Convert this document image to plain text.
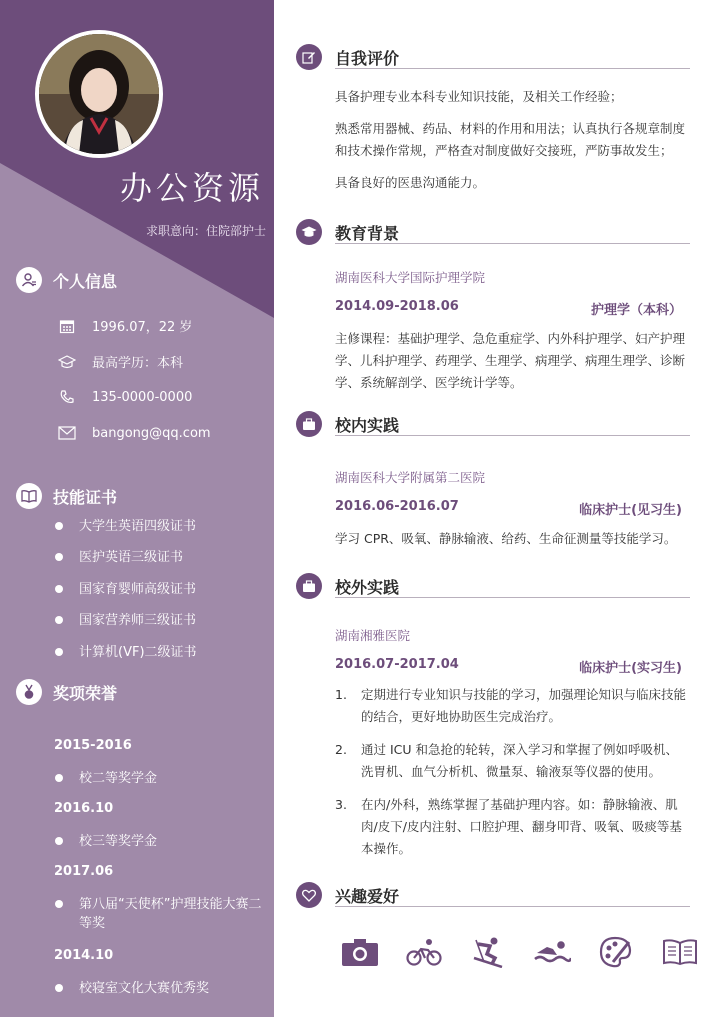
办公资源
求职意向：住院部护士
个人信息
1996.07，22 岁
最高学历：本科
135-0000-0000
bangong@qq.com
技能证书
大学生英语四级证书
医护英语三级证书
国家育婴师高级证书
国家营养师三级证书
计算机(VF)二级证书
奖项荣誉
2015-2016
校二等奖学金
2016.10
校三等奖学金
2017.06
第八届“天使杯”护理技能大赛二等奖
2014.10
校寝室文化大赛优秀奖
自我评价
具备护理专业本科专业知识技能，及相关工作经验；
熟悉常用器械、药品、材料的作用和用法；认真执行各规章制度和技术操作常规，严格查对制度做好交接班，严防事故发生；
具备良好的医患沟通能力。
教育背景
湖南医科大学国际护理学院
2014.09-2018.06	护理学（本科）
主修课程：基础护理学、急危重症学、内外科护理学、妇产护理学、儿科护理学、药理学、生理学、病理学、病理生理学、诊断学、系统解剖学、医学统计学等。
校内实践
湖南医科大学附属第二医院
2016.06-2016.07	临床护士(见习生)
学习 CPR、吸氧、静脉输液、给药、生命征测量等技能学习。
校外实践
湖南湘雅医院
2016.07-2017.04	临床护士(实习生)
1.	定期进行专业知识与技能的学习，加强理论知识与临床技能的结合，更好地协助医生完成治疗。
2.	通过 ICU 和急抢的轮转，深入学习和掌握了例如呼吸机、洗胃机、血气分析机、微量泵、输液泵等仪器的使用。
3.	在内/外科，熟练掌握了基础护理内容。如：静脉输液、肌肉/皮下/皮内注射、口腔护理、翻身叩背、吸氧、吸痰等基本操作。
兴趣爱好
